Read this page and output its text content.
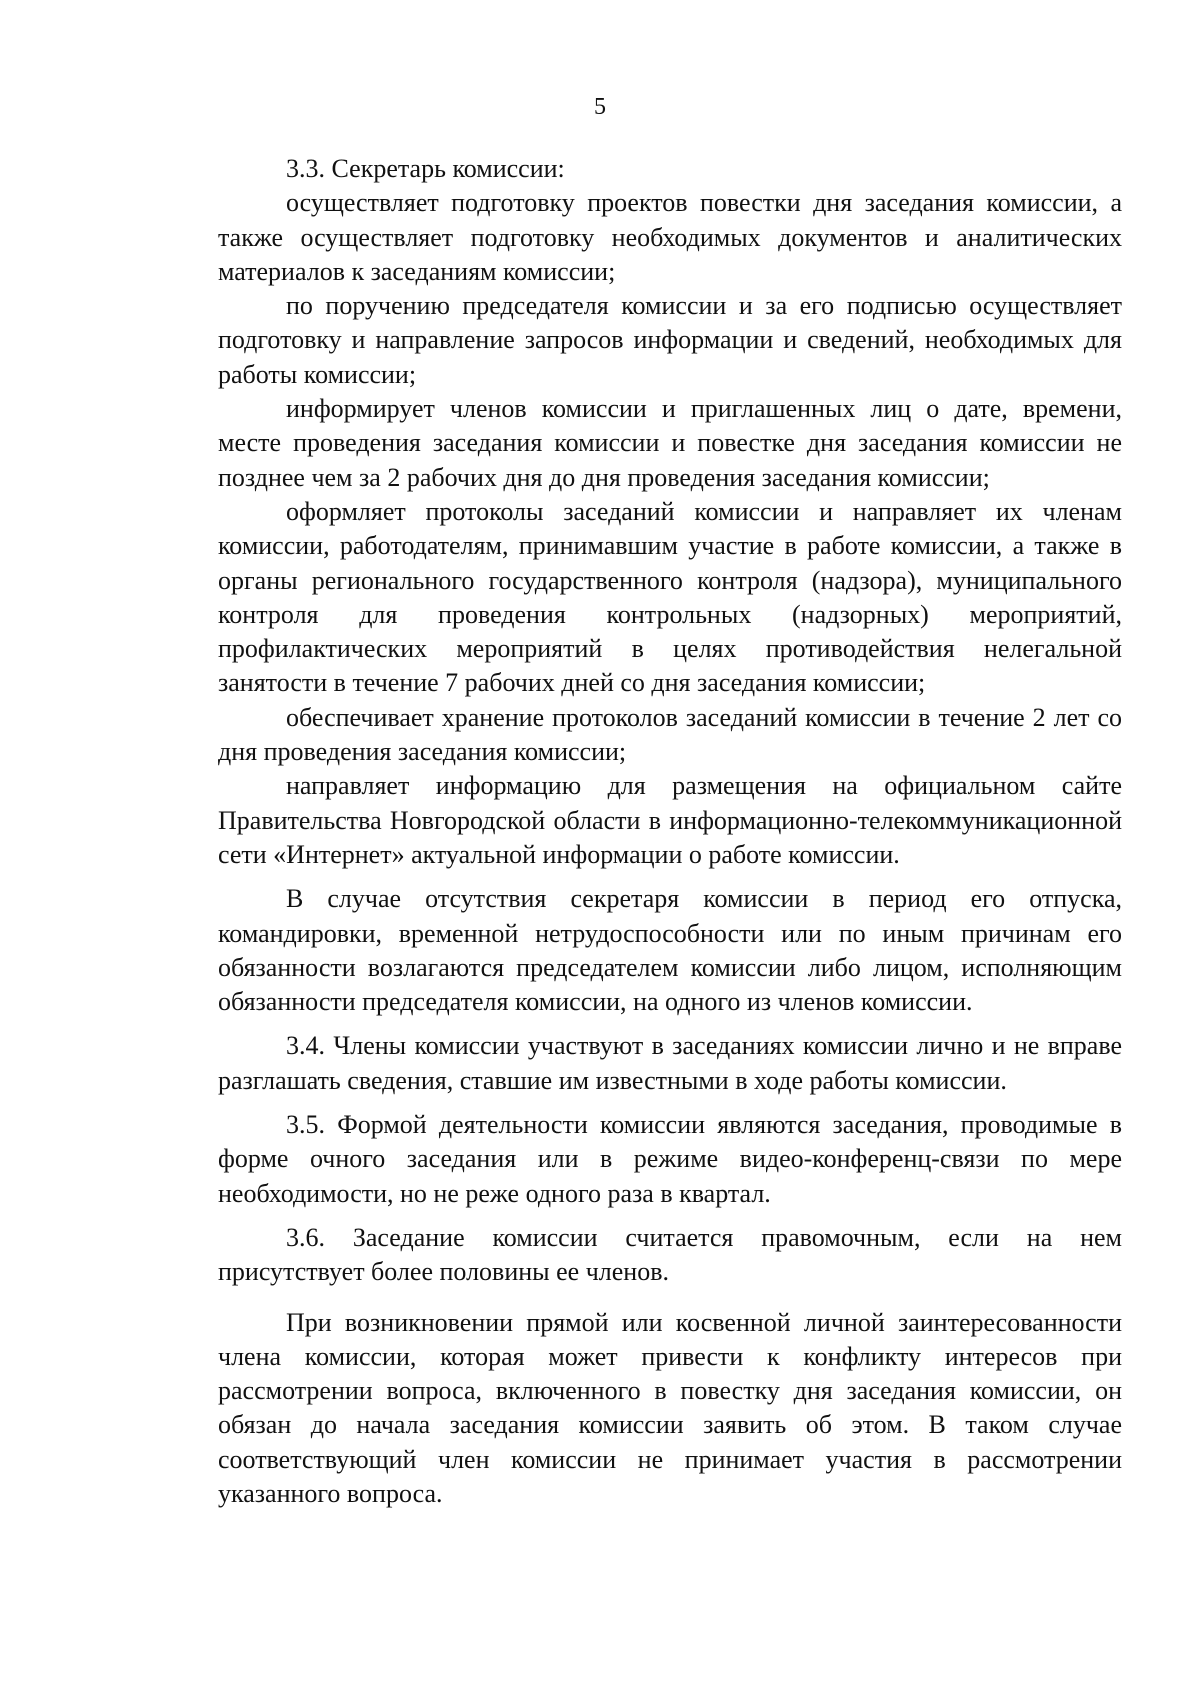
5

3.3. Секретарь комиссии:

осуществляет подготовку проектов повестки дня заседания комиссии, а также осуществляет подготовку необходимых документов и аналитических материалов к заседаниям комиссии;

по поручению председателя комиссии и за его подписью осуществляет подготовку и направление запросов информации и сведений, необходимых для работы комиссии;

информирует членов комиссии и приглашенных лиц о дате, времени, месте проведения заседания комиссии и повестке дня заседания комиссии не позднее чем за 2 рабочих дня до дня проведения заседания комиссии;

оформляет протоколы заседаний комиссии и направляет их членам комиссии, работодателям, принимавшим участие в работе комиссии, а также в органы регионального государственного контроля (надзора), муниципального контроля для проведения контрольных (надзорных) мероприятий, профилактических мероприятий в целях противодействия нелегальной занятости в течение 7 рабочих дней со дня заседания комиссии;

обеспечивает хранение протоколов заседаний комиссии в течение 2 лет со дня проведения заседания комиссии;

направляет информацию для размещения на официальном сайте Правительства Новгородской области в информационно-телекоммуникационной сети «Интернет» актуальной информации о работе комиссии.

В случае отсутствия секретаря комиссии в период его отпуска, командировки, временной нетрудоспособности или по иным причинам его обязанности возлагаются председателем комиссии либо лицом, исполняющим обязанности председателя комиссии, на одного из членов комиссии.

3.4. Члены комиссии участвуют в заседаниях комиссии лично и не вправе разглашать сведения, ставшие им известными в ходе работы комиссии.

3.5. Формой деятельности комиссии являются заседания, проводимые в форме очного заседания или в режиме видео-конференц-связи по мере необходимости, но не реже одного раза в квартал.

3.6. Заседание комиссии считается правомочным, если на нем присутствует более половины ее членов.

При возникновении прямой или косвенной личной заинтересованности члена комиссии, которая может привести к конфликту интересов при рассмотрении вопроса, включенного в повестку дня заседания комиссии, он обязан до начала заседания комиссии заявить об этом. В таком случае соответствующий член комиссии не принимает участия в рассмотрении указанного вопроса.
